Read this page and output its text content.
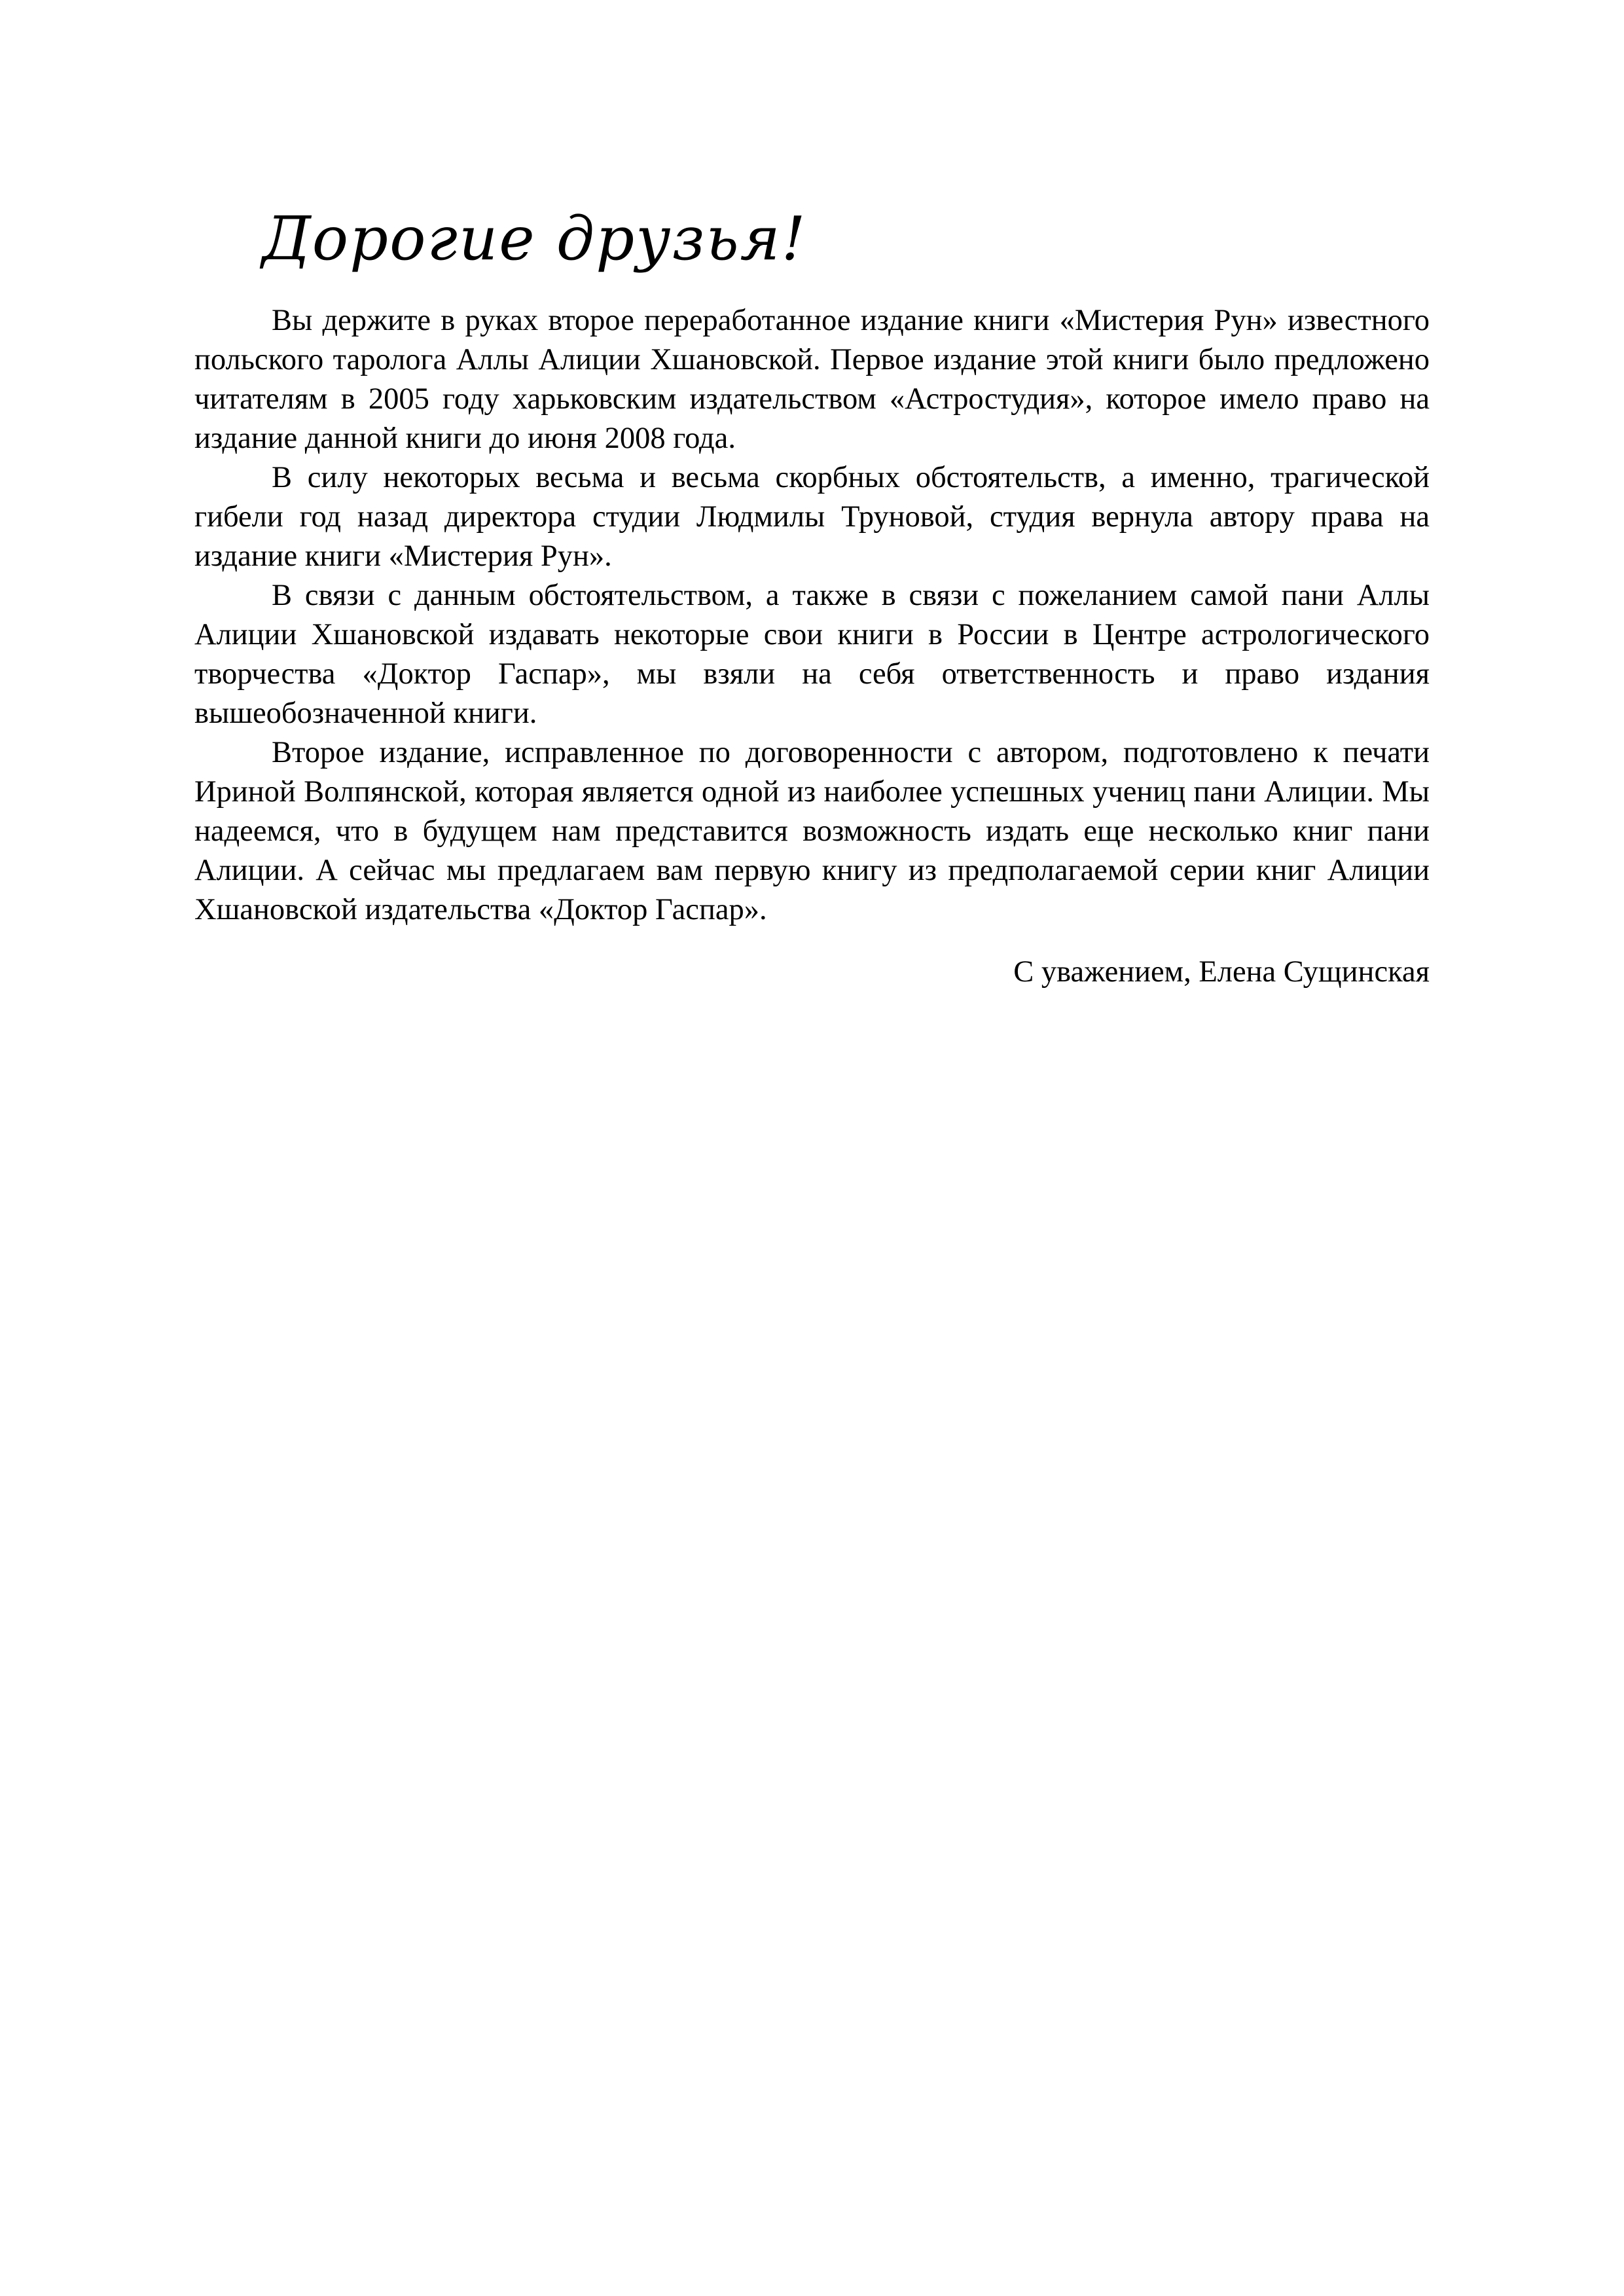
Дорогие друзья!

Вы держите в руках второе переработанное издание книги «Мистерия Рун» известного польского таролога Аллы Алиции Хшановской. Первое издание этой книги было предложено читателям в 2005 году харьковским издательством «Астростудия», которое имело право на издание данной книги до июня 2008 года.

В силу некоторых весьма и весьма скорбных обстоятельств, а именно, трагической гибели год назад директора студии Людмилы Труновой, студия вернула автору права на издание книги «Мистерия Рун».

В связи с данным обстоятельством, а также в связи с пожеланием самой пани Аллы Алиции Хшановской издавать некоторые свои книги в России в Центре астрологического творчества «Доктор Гаспар», мы взяли на себя ответственность и право издания вышеобозначенной книги.

Второе издание, исправленное по договоренности с автором, подготовлено к печати Ириной Волпянской, которая является одной из наиболее успешных учениц пани Алиции. Мы надеемся, что в будущем нам представится возможность издать еще несколько книг пани Алиции. А сейчас мы предлагаем вам первую книгу из предполагаемой серии книг Алиции Хшановской издательства «Доктор Гаспар».

С уважением, Елена Сущинская
